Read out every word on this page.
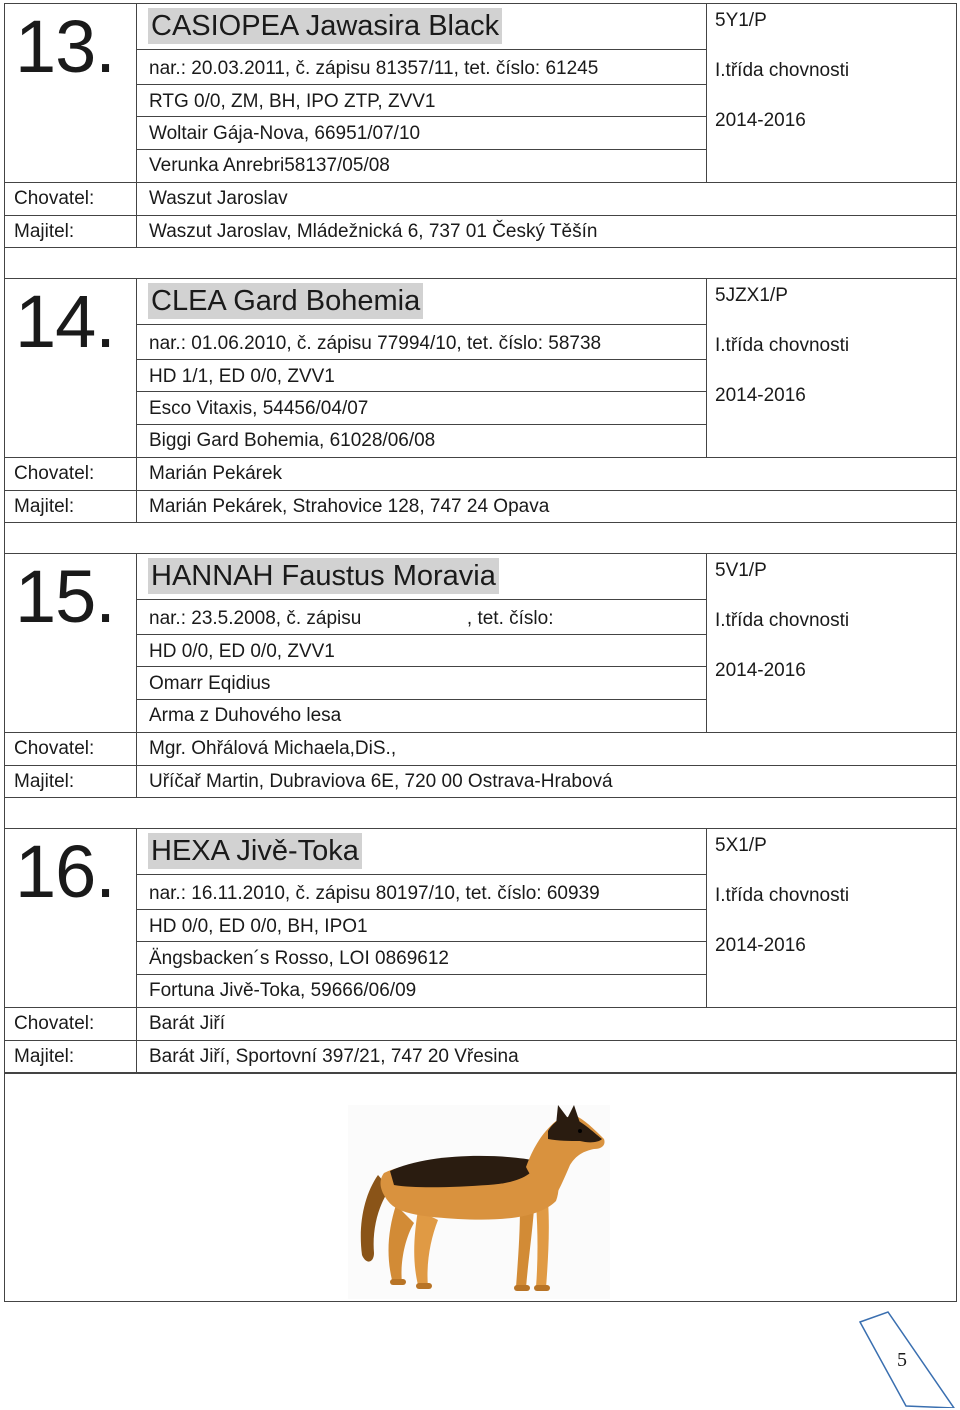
13. CASIOPEA Jawasira Black
nar.: 20.03.2011, č. zápisu 81357/11, tet. číslo: 61245
RTG 0/0, ZM, BH, IPO ZTP, ZVV1
Woltair Gája-Nova, 66951/07/10
Verunka Anrebri58137/05/08
Chovatel:	Waszut Jaroslav
Majitel:	Waszut Jaroslav, Mládežnická 6, 737 01 Český Těšín
5Y1/P
I.třída chovnosti
2014-2016
14. CLEA Gard Bohemia
nar.: 01.06.2010, č. zápisu 77994/10, tet. číslo: 58738
HD 1/1, ED 0/0, ZVV1
Esco Vitaxis, 54456/04/07
Biggi Gard Bohemia, 61028/06/08
Chovatel:	Marián Pekárek
Majitel:	Marián Pekárek, Strahovice 128, 747 24 Opava
5JZX1/P
I.třída chovnosti
2014-2016
15. HANNAH Faustus Moravia
nar.: 23.5.2008, č. zápisu                    , tet. číslo:
HD 0/0, ED 0/0, ZVV1
Omarr Eqidius
Arma z Duhového lesa
Chovatel:	Mgr. Ohřálová Michaela,DiS.,
Majitel:	Uříčař Martin, Dubraviova 6E, 720 00 Ostrava-Hrabová
5V1/P
I.třída chovnosti
2014-2016
16. HEXA Jivě-Toka
nar.: 16.11.2010, č. zápisu 80197/10, tet. číslo: 60939
HD 0/0, ED 0/0, BH, IPO1
Ängsbacken´s Rosso, LOI 0869612
Fortuna Jivě-Toka, 59666/06/09
Chovatel:	Barát Jiří
Majitel:	Barát Jiří, Sportovní 397/21, 747 20 Vřesina
5X1/P
I.třída chovnosti
2014-2016
5
